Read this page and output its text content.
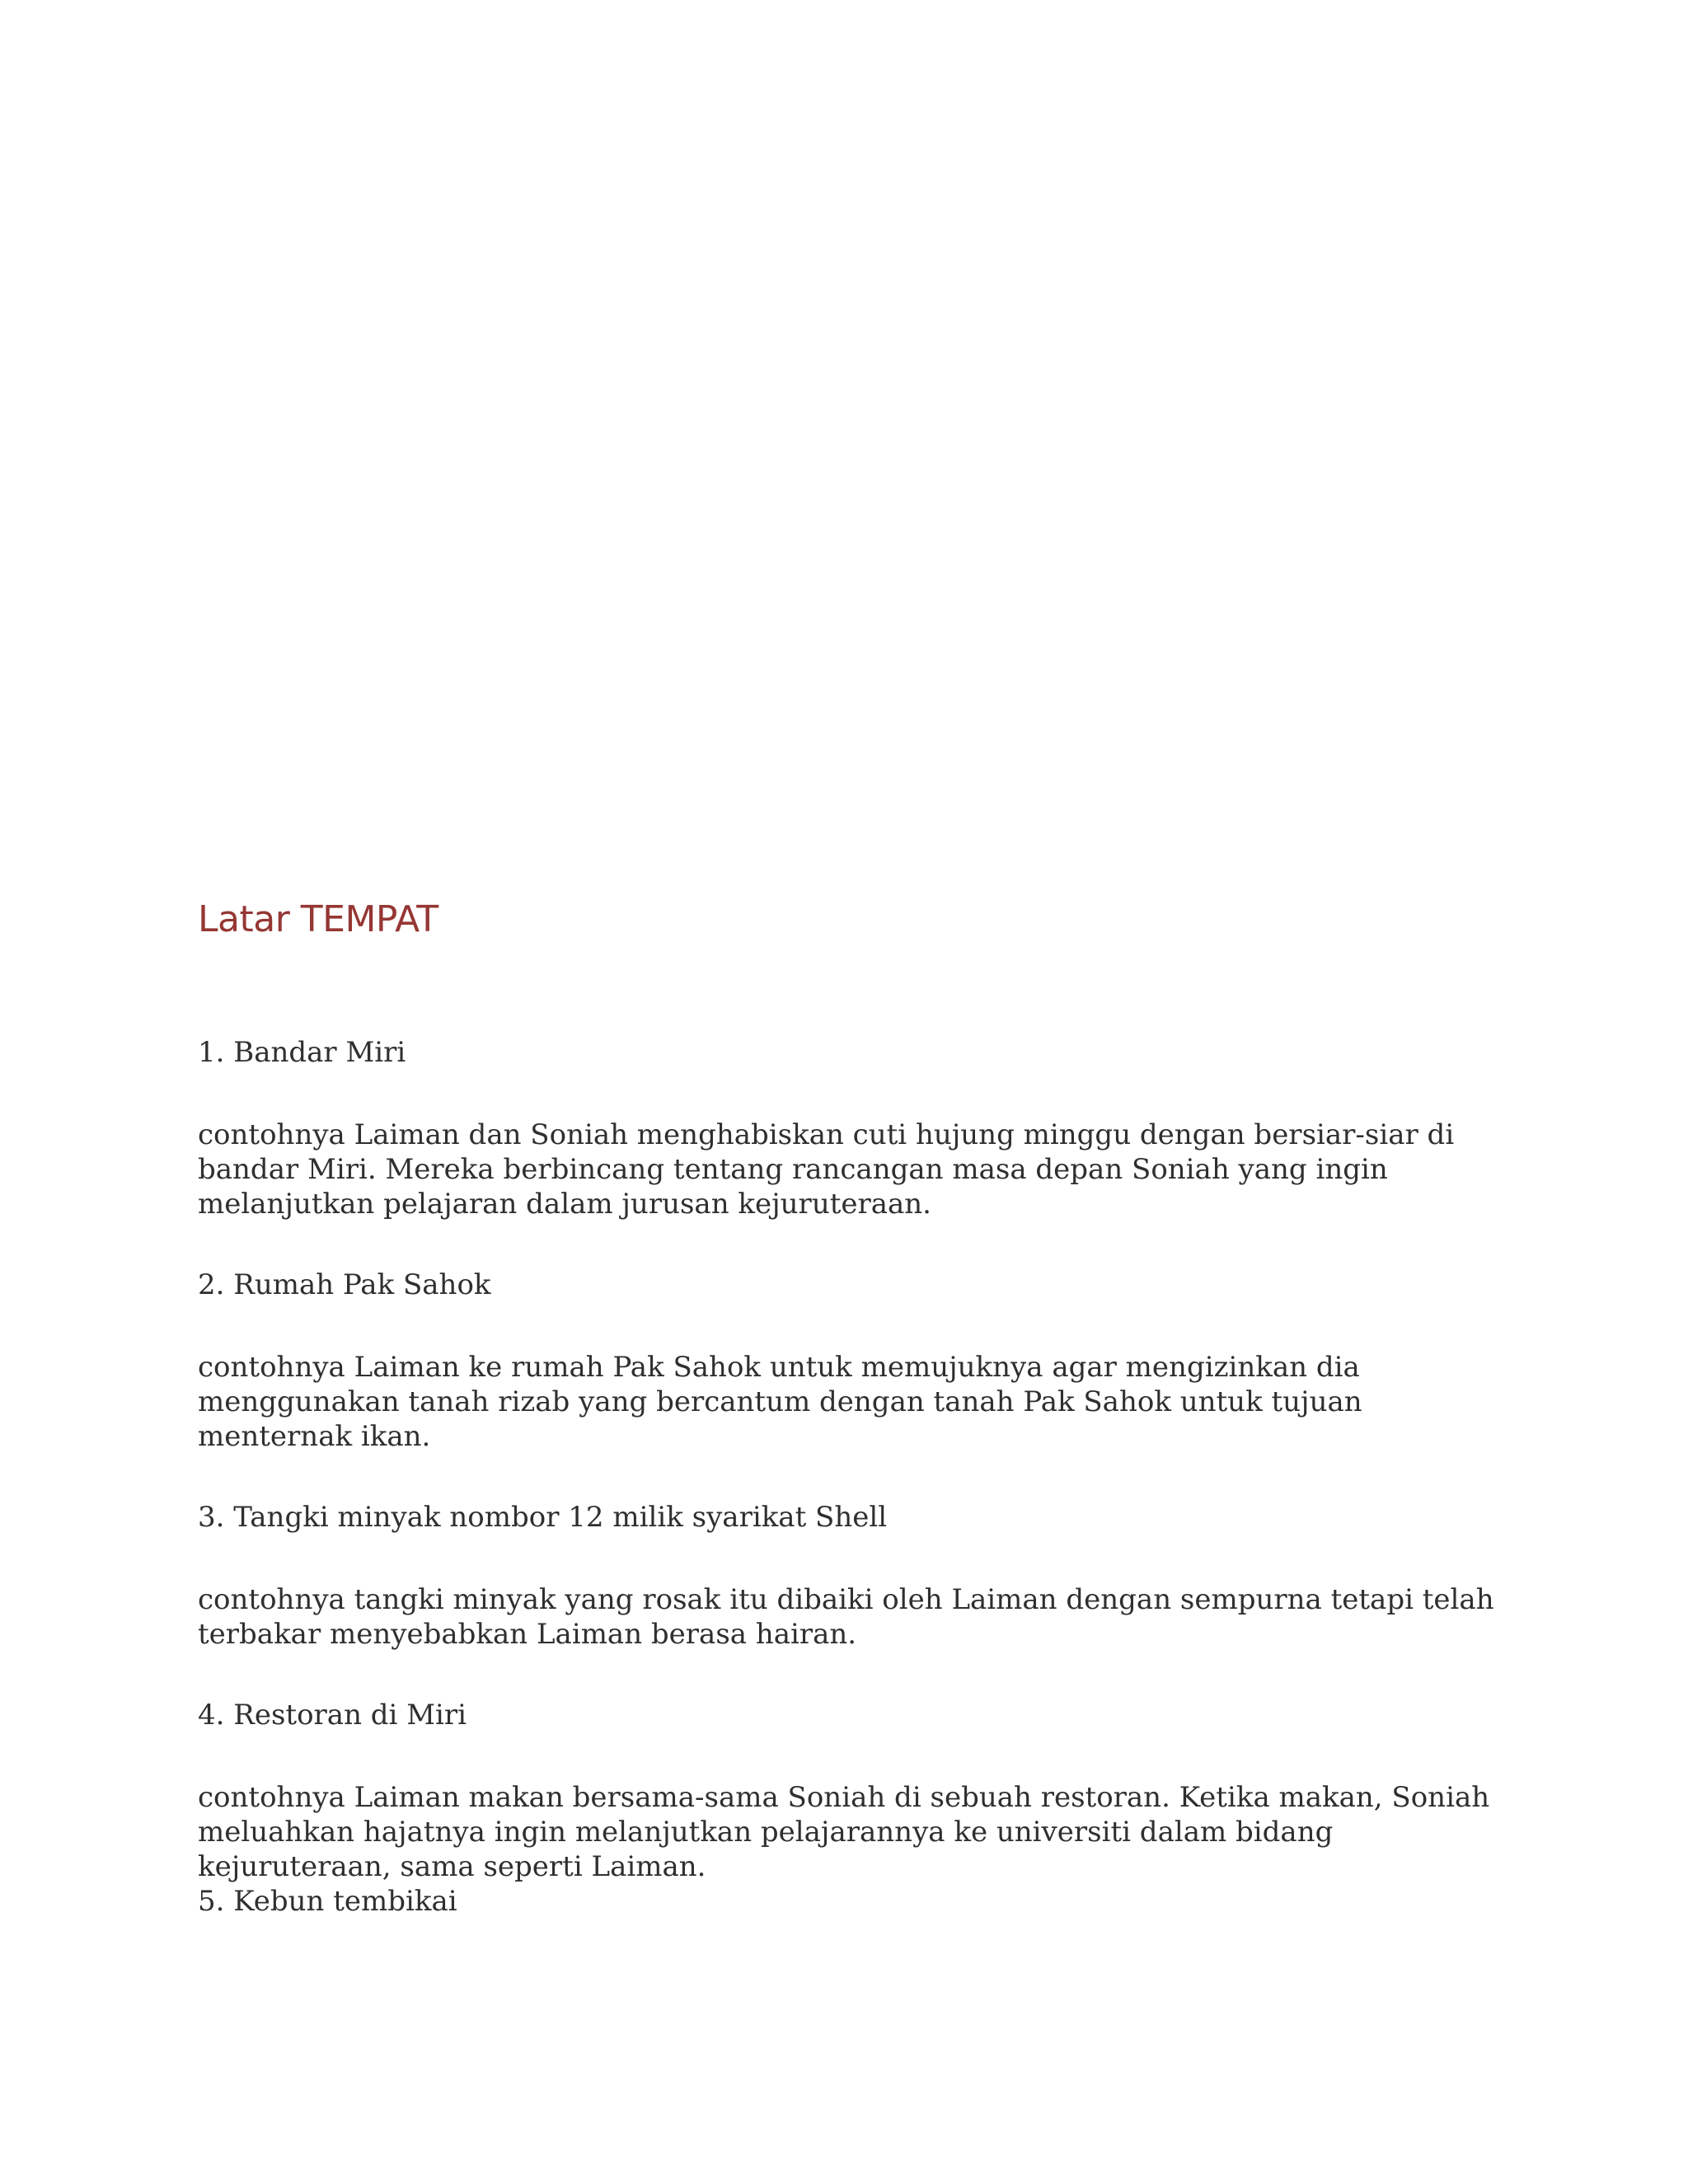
Latar TEMPAT

1. Bandar Miri

contohnya Laiman dan Soniah menghabiskan cuti hujung minggu dengan bersiar-siar di bandar Miri. Mereka berbincang tentang rancangan masa depan Soniah yang ingin melanjutkan pelajaran dalam jurusan kejuruteraan.

2. Rumah Pak Sahok

contohnya Laiman ke rumah Pak Sahok untuk memujuknya agar mengizinkan dia menggunakan tanah rizab yang bercantum dengan tanah Pak Sahok untuk tujuan menternak ikan.

3. Tangki minyak nombor 12 milik syarikat Shell

contohnya tangki minyak yang rosak itu dibaiki oleh Laiman dengan sempurna tetapi telah terbakar menyebabkan Laiman berasa hairan.

4. Restoran di Miri

contohnya Laiman makan bersama-sama Soniah di sebuah restoran. Ketika makan, Soniah meluahkan hajatnya ingin melanjutkan pelajarannya ke universiti dalam bidang kejuruteraan, sama seperti Laiman.

5. Kebun tembikai
